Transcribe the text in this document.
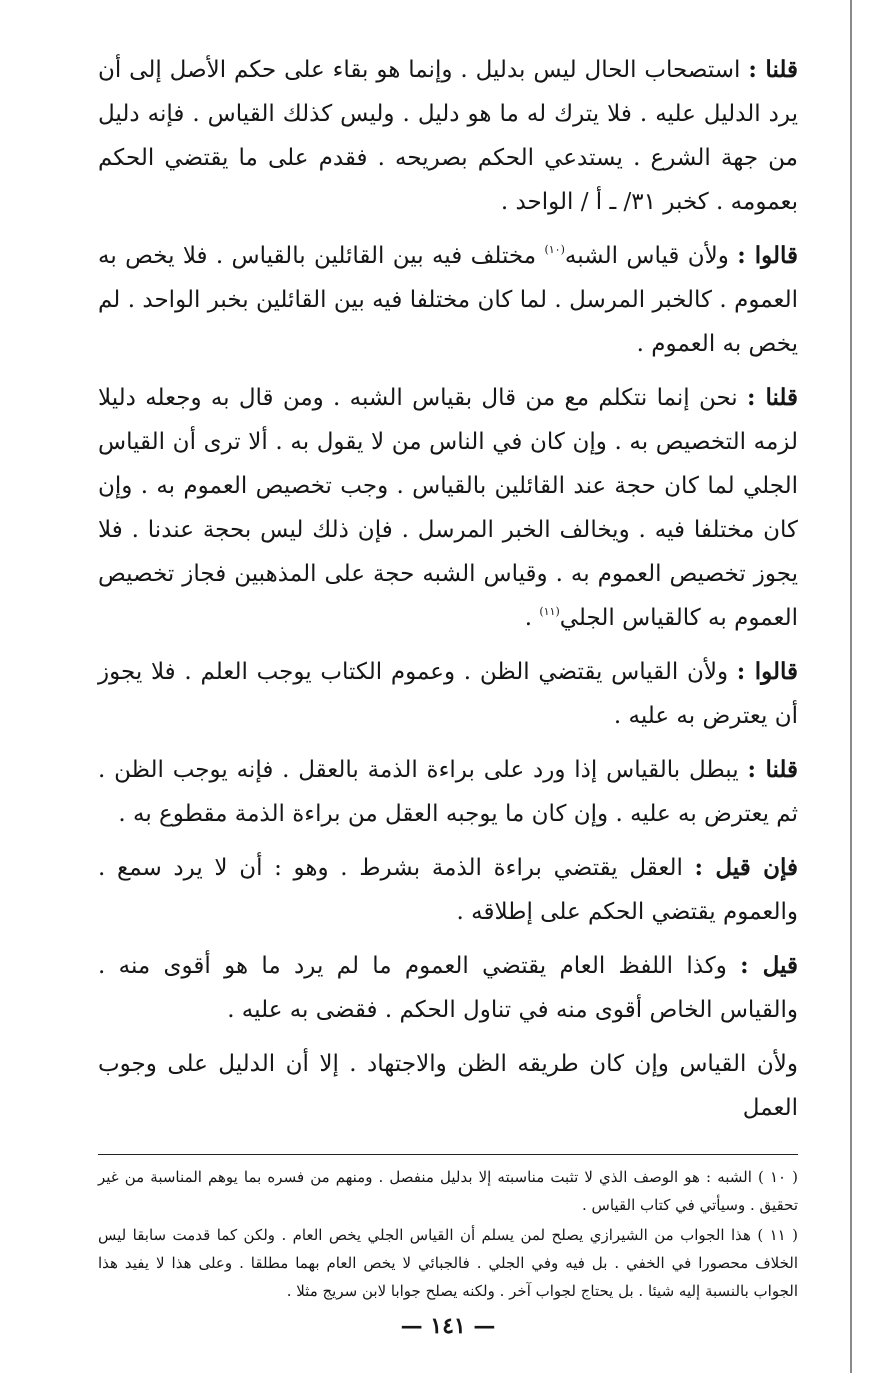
قلنا : استصحاب الحال ليس بدليل . وإنما هو بقاء على حكم الأصل إلى أن يرد الدليل عليه . فلا يترك له ما هو دليل . وليس كذلك القياس . فإنه دليل من جهة الشرع . يستدعي الحكم بصريحه . فقدم على ما يقتضي الحكم بعمومه . كخبر ٣١/ ـ أ / الواحد .

قالوا : ولأن قياس الشبه$^{(١٠)}$ مختلف فيه بين القائلين بالقياس . فلا يخص به العموم . كالخبر المرسل . لما كان مختلفا فيه بين القائلين بخبر الواحد . لم يخص به العموم .

قلنا : نحن إنما نتكلم مع من قال بقياس الشبه . ومن قال به وجعله دليلا لزمه التخصيص به . وإن كان في الناس من لا يقول به . ألا ترى أن القياس الجلي لما كان حجة عند القائلين بالقياس . وجب تخصيص العموم به . وإن كان مختلفا فيه . ويخالف الخبر المرسل . فإن ذلك ليس بحجة عندنا . فلا يجوز تخصيص العموم به . وقياس الشبه حجة على المذهبين فجاز تخصيص العموم به كالقياس الجلي$^{(١١)}$ .

قالوا : ولأن القياس يقتضي الظن . وعموم الكتاب يوجب العلم . فلا يجوز أن يعترض به عليه .

قلنا : يبطل بالقياس إذا ورد على براءة الذمة بالعقل . فإنه يوجب الظن . ثم يعترض به عليه . وإن كان ما يوجبه العقل من براءة الذمة مقطوع به .

فإن قيل : العقل يقتضي براءة الذمة بشرط . وهو : أن لا يرد سمع . والعموم يقتضي الحكم على إطلاقه .

قيل : وكذا اللفظ العام يقتضي العموم ما لم يرد ما هو أقوى منه . والقياس الخاص أقوى منه في تناول الحكم . فقضى به عليه .

ولأن القياس وإن كان طريقه الظن والاجتهاد . إلا أن الدليل على وجوب العمل

( ١٠ ) الشبه : هو الوصف الذي لا تثبت مناسبته إلا بدليل منفصل . ومنهم من فسره بما يوهم المناسبة من غير تحقيق . وسيأتي في كتاب القياس .

( ١١ ) هذا الجواب من الشيرازي يصلح لمن يسلم أن القياس الجلي يخص العام . ولكن كما قدمت سابقا ليس الخلاف محصورا في الخفي . بل فيه وفي الجلي . فالجبائي لا يخص العام بهما مطلقا . وعلى هذا لا يفيد هذا الجواب بالنسبة إليه شيئا . بل يحتاج لجواب آخر . ولكنه يصلح جوابا لابن سريج مثلا .

— ١٤١ —
